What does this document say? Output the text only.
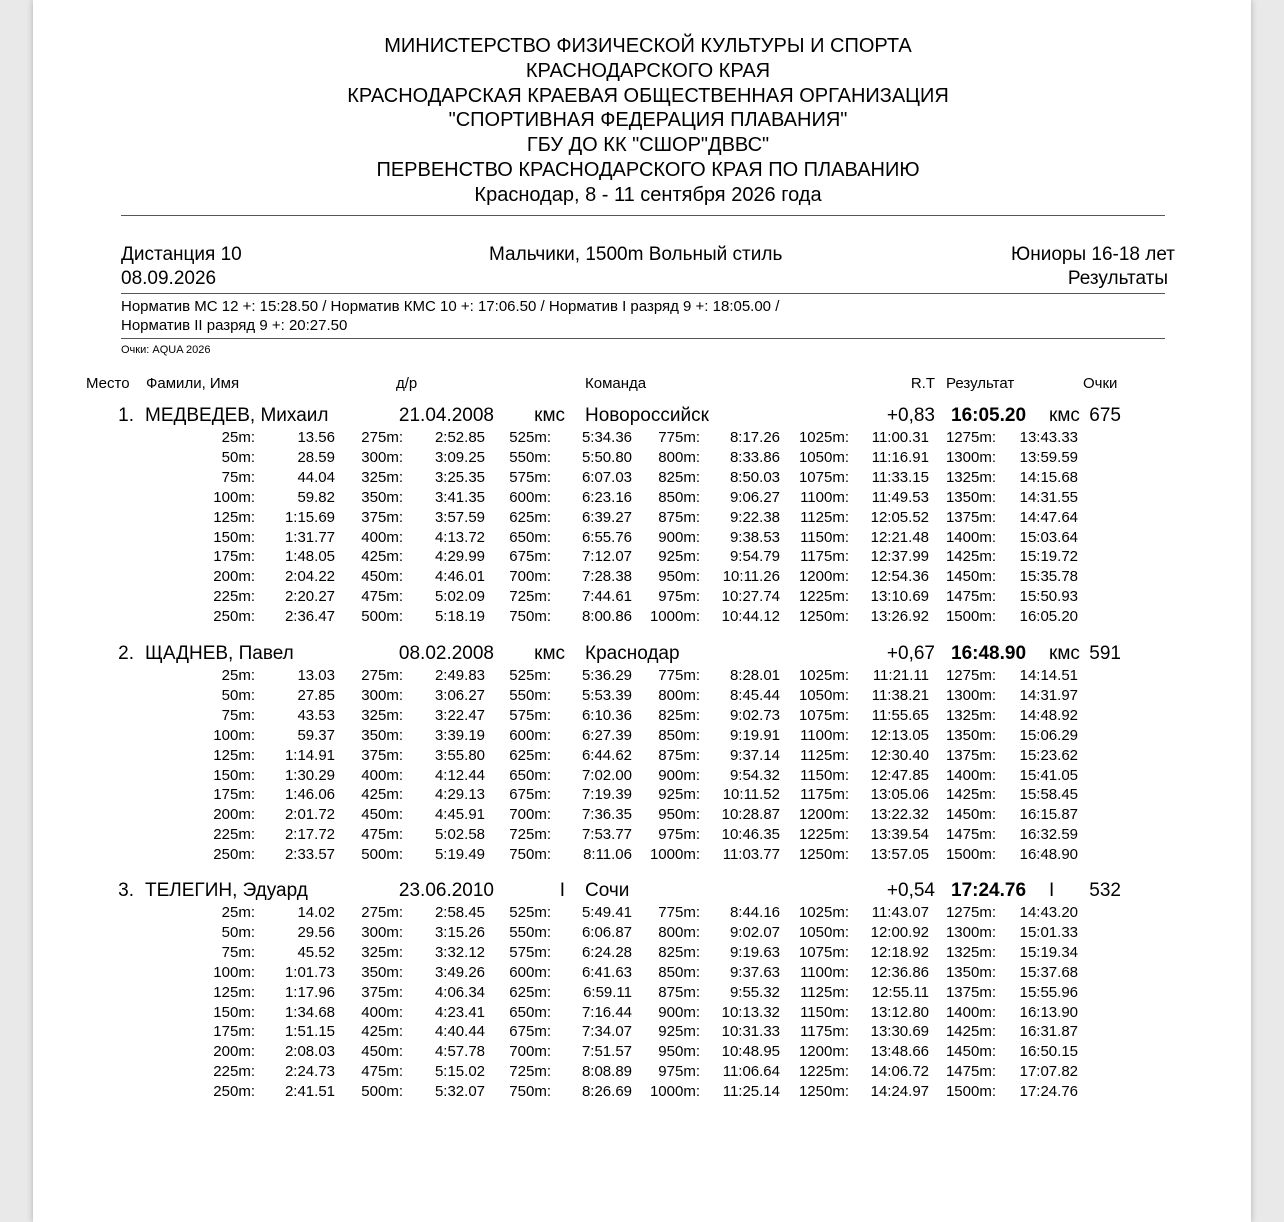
МИНИСТЕРСТВО ФИЗИЧЕСКОЙ КУЛЬТУРЫ И СПОРТА
КРАСНОДАРСКОГО КРАЯ
КРАСНОДАРСКАЯ КРАЕВАЯ ОБЩЕСТВЕННАЯ ОРГАНИЗАЦИЯ
"СПОРТИВНАЯ ФЕДЕРАЦИЯ ПЛАВАНИЯ"
ГБУ ДО КК "СШОР"ДВВС"
ПЕРВЕНСТВО КРАСНОДАРСКОГО КРАЯ ПО ПЛАВАНИЮ
Краснодар, 8 - 11 сентября 2026 года
Дистанция 10
08.09.2026
Мальчики, 1500m Вольный стиль	Юниоры 16-18 лет
Результаты
Норматив МС 12 +: 15:28.50 / Норматив КМС 10 +: 17:06.50 / Норматив I разряд 9 +: 18:05.00 /
Норматив II разряд 9 +: 20:27.50
Очки: AQUA 2026
Место Фамили, Имя	д/р	Команда	R.T Результат	Очки
1. МЕДВЕДЕВ, Михаил	21.04.2008 кмс Новороссийск	+0,83 16:05.20 кмс 675
25m:	13.56 275m: 2:52.85 525m: 5:34.36 775m: 8:17.26 1025m: 11:00.31 1275m: 13:43.33
50m:	28.59 300m: 3:09.25 550m: 5:50.80 800m: 8:33.86 1050m: 11:16.91 1300m: 13:59.59
75m:	44.04 325m: 3:25.35 575m: 6:07.03 825m: 8:50.03 1075m: 11:33.15 1325m: 14:15.68
100m:	59.82 350m: 3:41.35 600m: 6:23.16 850m: 9:06.27 1100m: 11:49.53 1350m: 14:31.55
125m: 1:15.69 375m: 3:57.59 625m: 6:39.27 875m: 9:22.38 1125m: 12:05.52 1375m: 14:47.64
150m: 1:31.77 400m: 4:13.72 650m: 6:55.76 900m: 9:38.53 1150m: 12:21.48 1400m: 15:03.64
175m: 1:48.05 425m: 4:29.99 675m: 7:12.07 925m: 9:54.79 1175m: 12:37.99 1425m: 15:19.72
200m: 2:04.22 450m: 4:46.01 700m: 7:28.38 950m: 10:11.26 1200m: 12:54.36 1450m: 15:35.78
225m: 2:20.27 475m: 5:02.09 725m: 7:44.61 975m: 10:27.74 1225m: 13:10.69 1475m: 15:50.93
250m: 2:36.47 500m: 5:18.19 750m: 8:00.86 1000m: 10:44.12 1250m: 13:26.92 1500m: 16:05.20
2. ЩАДНЕВ, Павел	08.02.2008 кмс Краснодар	+0,67 16:48.90 кмс 591
25m:	13.03 275m: 2:49.83 525m: 5:36.29 775m: 8:28.01 1025m: 11:21.11 1275m: 14:14.51
50m:	27.85 300m: 3:06.27 550m: 5:53.39 800m: 8:45.44 1050m: 11:38.21 1300m: 14:31.97
75m:	43.53 325m: 3:22.47 575m: 6:10.36 825m: 9:02.73 1075m: 11:55.65 1325m: 14:48.92
100m:	59.37 350m: 3:39.19 600m: 6:27.39 850m: 9:19.91 1100m: 12:13.05 1350m: 15:06.29
125m: 1:14.91 375m: 3:55.80 625m: 6:44.62 875m: 9:37.14 1125m: 12:30.40 1375m: 15:23.62
150m: 1:30.29 400m: 4:12.44 650m: 7:02.00 900m: 9:54.32 1150m: 12:47.85 1400m: 15:41.05
175m: 1:46.06 425m: 4:29.13 675m: 7:19.39 925m: 10:11.52 1175m: 13:05.06 1425m: 15:58.45
200m: 2:01.72 450m: 4:45.91 700m: 7:36.35 950m: 10:28.87 1200m: 13:22.32 1450m: 16:15.87
225m: 2:17.72 475m: 5:02.58 725m: 7:53.77 975m: 10:46.35 1225m: 13:39.54 1475m: 16:32.59
250m: 2:33.57 500m: 5:19.49 750m: 8:11.06 1000m: 11:03.77 1250m: 13:57.05 1500m: 16:48.90
3. ТЕЛЕГИН, Эдуард	23.06.2010	I Сочи	+0,54 17:24.76 I 532
25m:	14.02 275m: 2:58.45 525m: 5:49.41 775m: 8:44.16 1025m: 11:43.07 1275m: 14:43.20
50m:	29.56 300m: 3:15.26 550m: 6:06.87 800m: 9:02.07 1050m: 12:00.92 1300m: 15:01.33
75m:	45.52 325m: 3:32.12 575m: 6:24.28 825m: 9:19.63 1075m: 12:18.92 1325m: 15:19.34
100m: 1:01.73 350m: 3:49.26 600m: 6:41.63 850m: 9:37.63 1100m: 12:36.86 1350m: 15:37.68
125m: 1:17.96 375m: 4:06.34 625m: 6:59.11 875m: 9:55.32 1125m: 12:55.11 1375m: 15:55.96
150m: 1:34.68 400m: 4:23.41 650m: 7:16.44 900m: 10:13.32 1150m: 13:12.80 1400m: 16:13.90
175m: 1:51.15 425m: 4:40.44 675m: 7:34.07 925m: 10:31.33 1175m: 13:30.69 1425m: 16:31.87
200m: 2:08.03 450m: 4:57.78 700m: 7:51.57 950m: 10:48.95 1200m: 13:48.66 1450m: 16:50.15
225m: 2:24.73 475m: 5:15.02 725m: 8:08.89 975m: 11:06.64 1225m: 14:06.72 1475m: 17:07.82
250m: 2:41.51 500m: 5:32.07 750m: 8:26.69 1000m: 11:25.14 1250m: 14:24.97 1500m: 17:24.76
